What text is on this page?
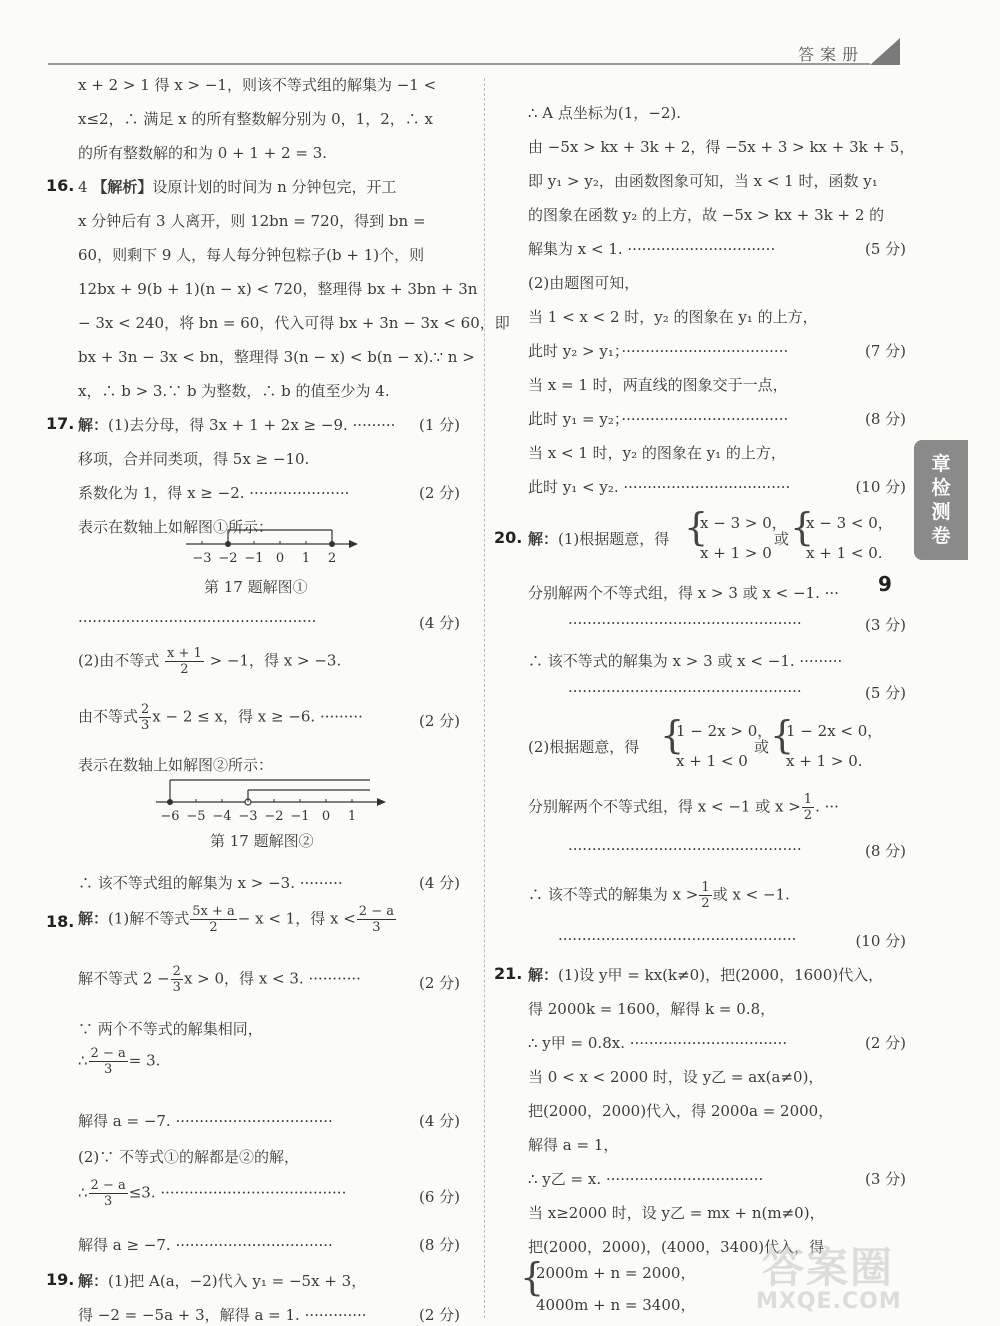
答案册
x + 2 > 1 得 x > −1，则该不等式组的解集为 −1 <
x≤2，∴ 满足 x 的所有整数解分别为 0，1，2，∴ x
的所有整数解的和为 0 + 1 + 2 = 3.
16. 4 【解析】设原计划的时间为 n 分钟包完，开工
x 分钟后有 3 人离开，则 12bn = 720，得到 bn =
60，则剩下 9 人，每人每分钟包粽子(b + 1)个，则
12bx + 9(b + 1)(n − x) < 720，整理得 bx + 3bn + 3n
− 3x < 240，将 bn = 60，代入可得 bx + 3n − 3x < 60，即
bx + 3n − 3x < bn，整理得 3(n − x) < b(n − x).∵ n >
x，∴ b > 3.∵ b 为整数，∴ b 的值至少为 4.
17. 解：(1)去分母，得 3x + 1 + 2x ≥ −9. ········· (1 分)
移项，合并同类项，得 5x ≥ −10.
系数化为 1，得 x ≥ −2. ·····················	(2 分)
表示在数轴上如解图①所示：
−3 −2 −1 0 1 2
第 17 题解图①
··················································	(4 分)
(2)由不等式 $\frac{x + 1}{2} > -1$，得 x > −3.
由不等式 $\frac{2}{3}$ x − 2 ≤ x，得 x ≥ −6. ·········	(2 分)
表示在数轴上如解图②所示：
−6 −5 −4 −3 −2 −1 0 1
第 17 题解图②
∴ 该不等式组的解集为 x > −3. ·········	(4 分)
18. 解：(1)解不等式 $\frac{5x + a}{2} - x < 1$，得 $x < \frac{2 - a}{3}$
解不等式 $2 - \frac{2}{3}$ x > 0，得 x < 3. ···········	(2 分)
∵ 两个不等式的解集相同，
∴ $\frac{2 - a}{3} = 3$.
解得 a = −7. ·································	(4 分)
(2)∵ 不等式①的解都是②的解，
∴ $\frac{2 - a}{3} \le 3$. ·······································	(6 分)
解得 a ≥ −7. ·································	(8 分)
19. 解：(1)把 A(a，−2)代入 y₁ = −5x + 3，
得 −2 = −5a + 3，解得 a = 1. ·············	(2 分)
∴ A 点坐标为(1，−2).
由 −5x > kx + 3k + 2，得 −5x + 3 > kx + 3k + 5，
即 y₁ > y₂，由函数图象可知，当 x < 1 时，函数 y₁
的图象在函数 y₂ 的上方，故 −5x > kx + 3k + 2 的
解集为 x < 1. ·······························	(5 分)
(2)由题图可知，
当 1 < x < 2 时，y₂ 的图象在 y₁ 的上方，
此时 y₂ > y₁；···································	(7 分)
当 x = 1 时，两直线的图象交于一点，
此时 y₁ = y₂；···································	(8 分)
当 x < 1 时，y₂ 的图象在 y₁ 的上方，
此时 y₁ < y₂. ···································	(10 分)
20. 解：(1)根据题意，得 {
x − 3 > 0，
x + 1 > 0
或 {
x − 3 < 0，
x + 1 < 0.
分别解两个不等式组，得 x > 3 或 x < −1. ···
·················································	(3 分)
∴ 该不等式的解集为 x > 3 或 x < −1. ·········
·················································	(5 分)
(2)根据题意，得 {
1 − 2x > 0，
x + 1 < 0
或 {
1 − 2x < 0，
x + 1 > 0.
分别解两个不等式组，得 x < −1 或 $x > \frac{1}{2}$ . ···
·················································	(8 分)
∴ 该不等式的解集为 $x > \frac{1}{2}$ 或 x < −1.
··················································	(10 分)
21. 解：(1)设 y甲 = kx(k≠0)，把(2000，1600)代入，
得 2000k = 1600，解得 k = 0.8，
∴ y甲 = 0.8x. ·································	(2 分)
当 0 < x < 2000 时，设 y乙 = ax(a≠0)，
把(2000，2000)代入，得 2000a = 2000，
解得 a = 1，
∴ y乙 = x. ·································	(3 分)
当 x≥2000 时，设 y乙 = mx + n(m≠0)，
把(2000，2000)，(4000，3400)代入，得
{
2000m + n = 2000，
4000m + n = 3400，
章检测卷
9
答案圈
MXQE.COM
